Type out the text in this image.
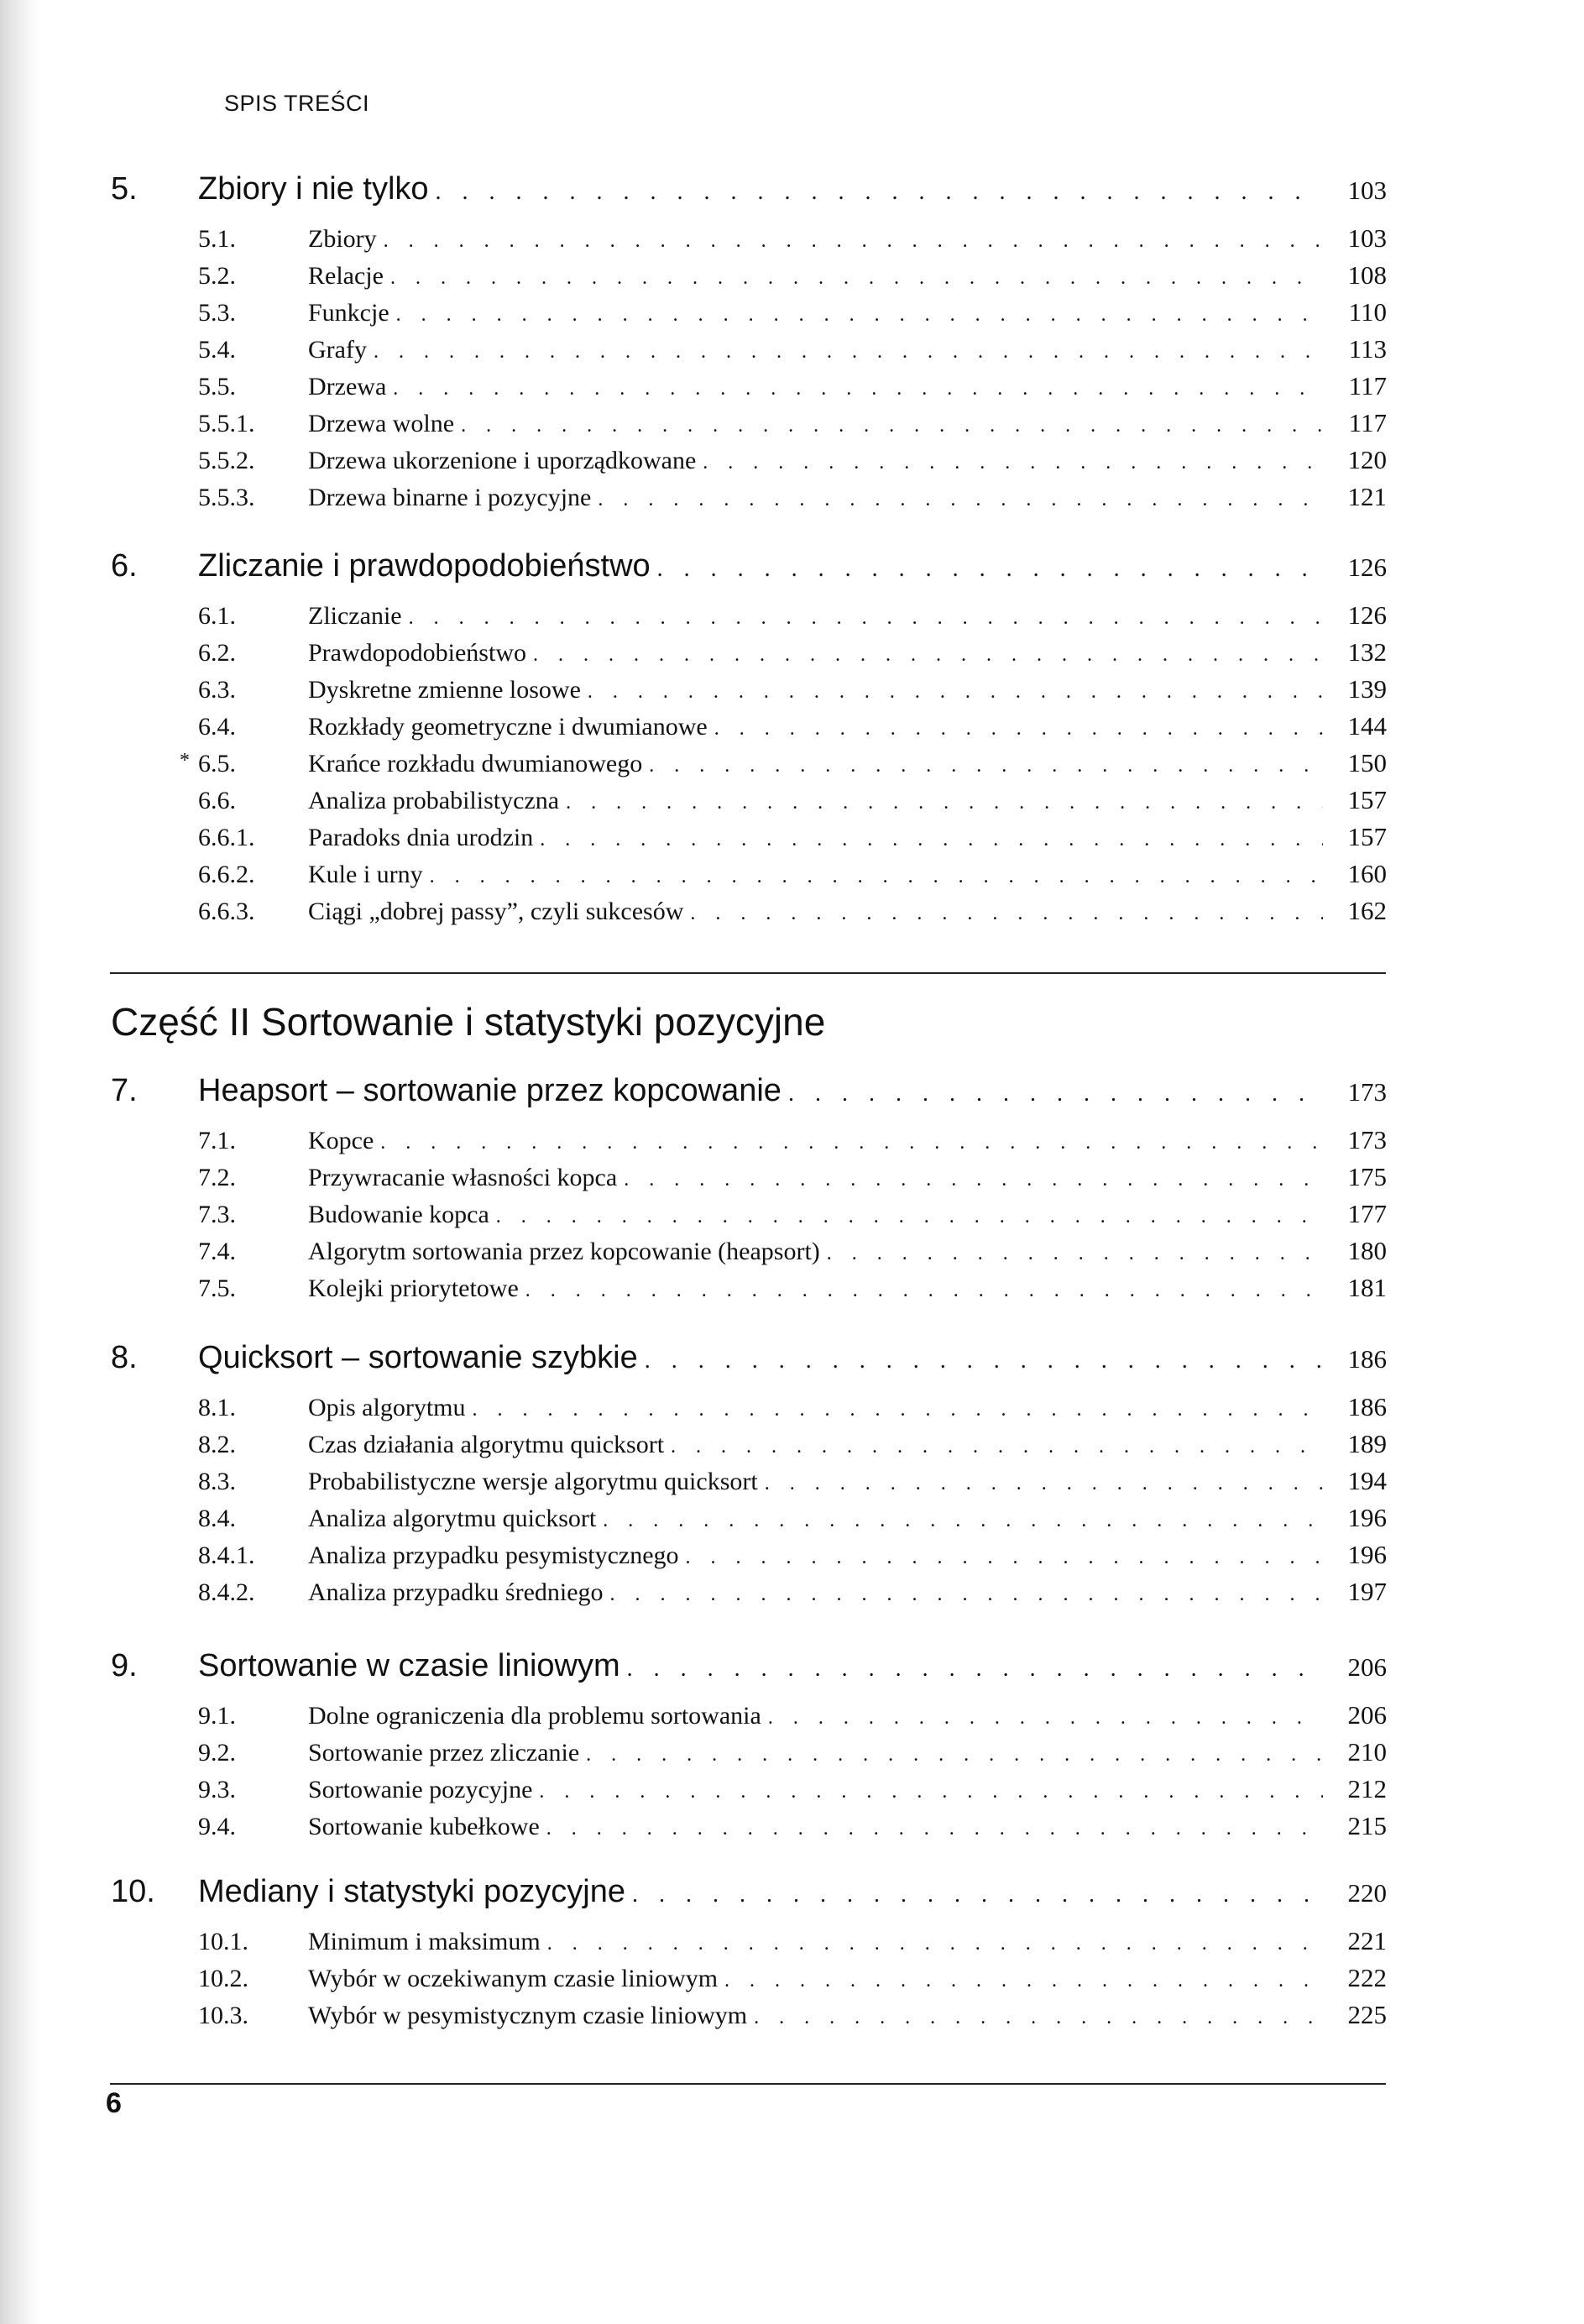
SPIS TREŚCI
5.	Zbiory i nie tylko . . .	103
5.1.	Zbiory . . .	103
5.2.	Relacje . . .	108
5.3.	Funkcje . . .	110
5.4.	Grafy . . .	113
5.5.	Drzewa . . .	117
5.5.1.	Drzewa wolne . . .	117
5.5.2.	Drzewa ukorzenione i uporządkowane . . .	120
5.5.3.	Drzewa binarne i pozycyjne . . .	121
6.	Zliczanie i prawdopodobieństwo . . .	126
6.1.	Zliczanie . . .	126
6.2.	Prawdopodobieństwo . . .	132
6.3.	Dyskretne zmienne losowe . . .	139
6.4.	Rozkłady geometryczne i dwumianowe . . .	144
* 6.5.	Krańce rozkładu dwumianowego . . .	150
6.6.	Analiza probabilistyczna . . .	157
6.6.1.	Paradoks dnia urodzin . . .	157
6.6.2.	Kule i urny . . .	160
6.6.3.	Ciągi „dobrej passy”, czyli sukcesów . . .	162
7.	Heapsort – sortowanie przez kopcowanie . . .	173
7.1.	Kopce . . .	173
7.2.	Przywracanie własności kopca . . .	175
7.3.	Budowanie kopca . . .	177
7.4.	Algorytm sortowania przez kopcowanie (heapsort) . . .	180
7.5.	Kolejki priorytetowe . . .	181
8.	Quicksort – sortowanie szybkie . . .	186
8.1.	Opis algorytmu . . .	186
8.2.	Czas działania algorytmu quicksort . . .	189
8.3.	Probabilistyczne wersje algorytmu quicksort . . .	194
8.4.	Analiza algorytmu quicksort . . .	196
8.4.1.	Analiza przypadku pesymistycznego . . .	196
8.4.2.	Analiza przypadku średniego . . .	197
9.	Sortowanie w czasie liniowym . . .	206
9.1.	Dolne ograniczenia dla problemu sortowania . . .	206
9.2.	Sortowanie przez zliczanie . . .	210
9.3.	Sortowanie pozycyjne . . .	212
9.4.	Sortowanie kubełkowe . . .	215
10.	Mediany i statystyki pozycyjne . . .	220
10.1.	Minimum i maksimum . . .	221
10.2.	Wybór w oczekiwanym czasie liniowym . . .	222
10.3.	Wybór w pesymistycznym czasie liniowym . . .	225
Część II Sortowanie i statystyki pozycyjne
6
